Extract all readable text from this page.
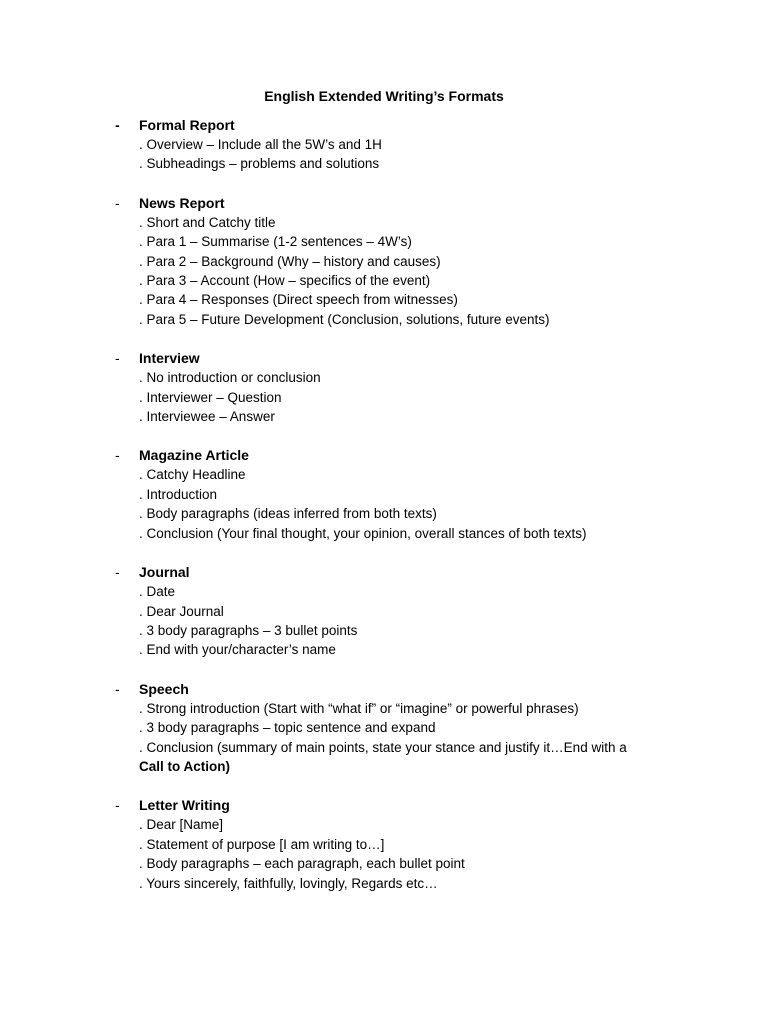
English Extended Writing’s Formats
-	Formal Report
. Overview – Include all the 5W’s and 1H
. Subheadings – problems and solutions
-	News Report
. Short and Catchy title
. Para 1 – Summarise (1-2 sentences – 4W’s)
. Para 2 – Background (Why – history and causes)
. Para 3 – Account (How – specifics of the event)
. Para 4 – Responses (Direct speech from witnesses)
. Para 5 – Future Development (Conclusion, solutions, future events)
-	Interview
. No introduction or conclusion
. Interviewer – Question
. Interviewee – Answer
-	Magazine Article
. Catchy Headline
. Introduction
. Body paragraphs (ideas inferred from both texts)
. Conclusion (Your final thought, your opinion, overall stances of both texts)
-	Journal
. Date
. Dear Journal
. 3 body paragraphs – 3 bullet points
. End with your/character’s name
-	Speech
. Strong introduction (Start with “what if” or “imagine” or powerful phrases)
. 3 body paragraphs – topic sentence and expand
. Conclusion (summary of main points, state your stance and justify it…End with a
Call to Action)
-	Letter Writing
. Dear [Name]
. Statement of purpose [I am writing to…]
. Body paragraphs – each paragraph, each bullet point
. Yours sincerely, faithfully, lovingly, Regards etc…
